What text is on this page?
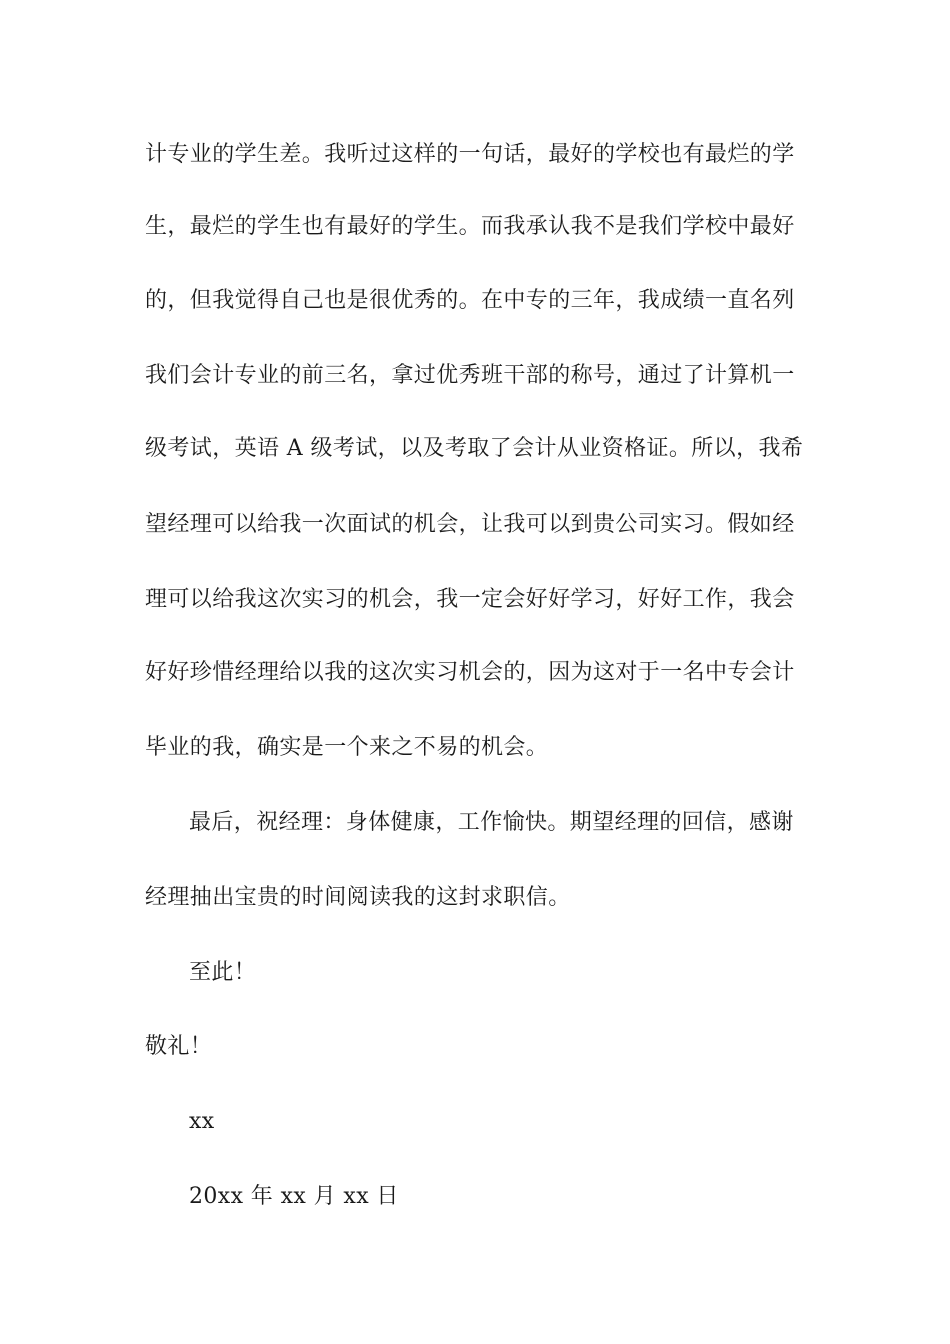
计专业的学生差。我听过这样的一句话，最好的学校也有最烂的学
生，最烂的学生也有最好的学生。而我承认我不是我们学校中最好
的，但我觉得自己也是很优秀的。在中专的三年，我成绩一直名列
我们会计专业的前三名，拿过优秀班干部的称号，通过了计算机一
级考试，英语 A 级考试，以及考取了会计从业资格证。所以，我希
望经理可以给我一次面试的机会，让我可以到贵公司实习。假如经
理可以给我这次实习的机会，我一定会好好学习，好好工作，我会
好好珍惜经理给以我的这次实习机会的，因为这对于一名中专会计
毕业的我，确实是一个来之不易的机会。
最后，祝经理：身体健康，工作愉快。期望经理的回信，感谢
经理抽出宝贵的时间阅读我的这封求职信。
至此！
敬礼！
xx
20xx 年 xx 月 xx 日
